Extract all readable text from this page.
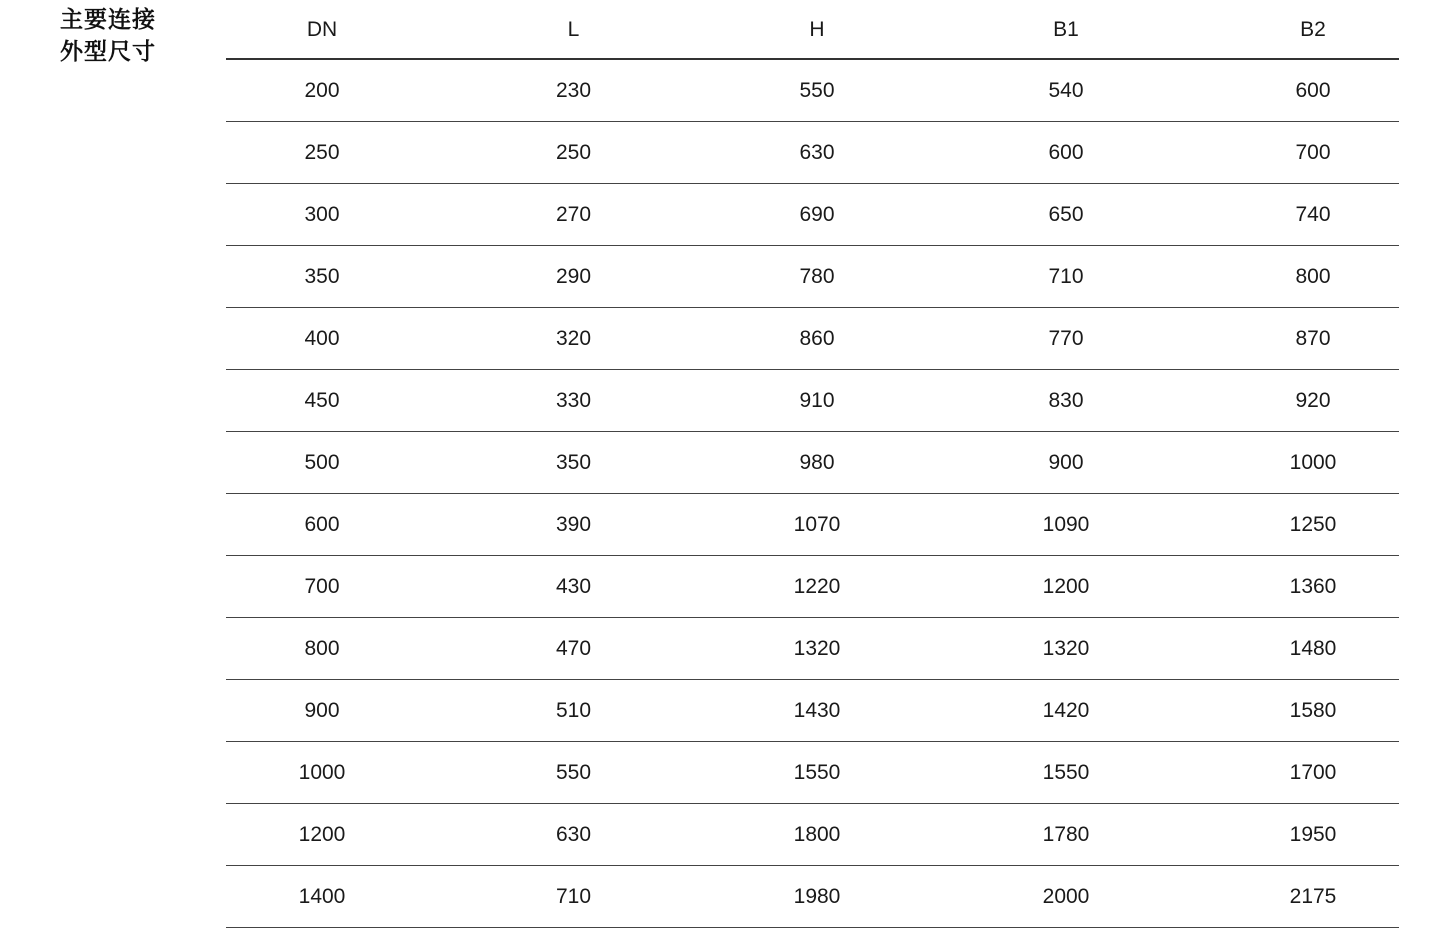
主要连接
外型尺寸
DN	L	H	B1	B2
200	230	550	540	600
250	250	630	600	700
300	270	690	650	740
350	290	780	710	800
400	320	860	770	870
450	330	910	830	920
500	350	980	900	1000
600	390	1070	1090	1250
700	430	1220	1200	1360
800	470	1320	1320	1480
900	510	1430	1420	1580
1000	550	1550	1550	1700
1200	630	1800	1780	1950
1400	710	1980	2000	2175
